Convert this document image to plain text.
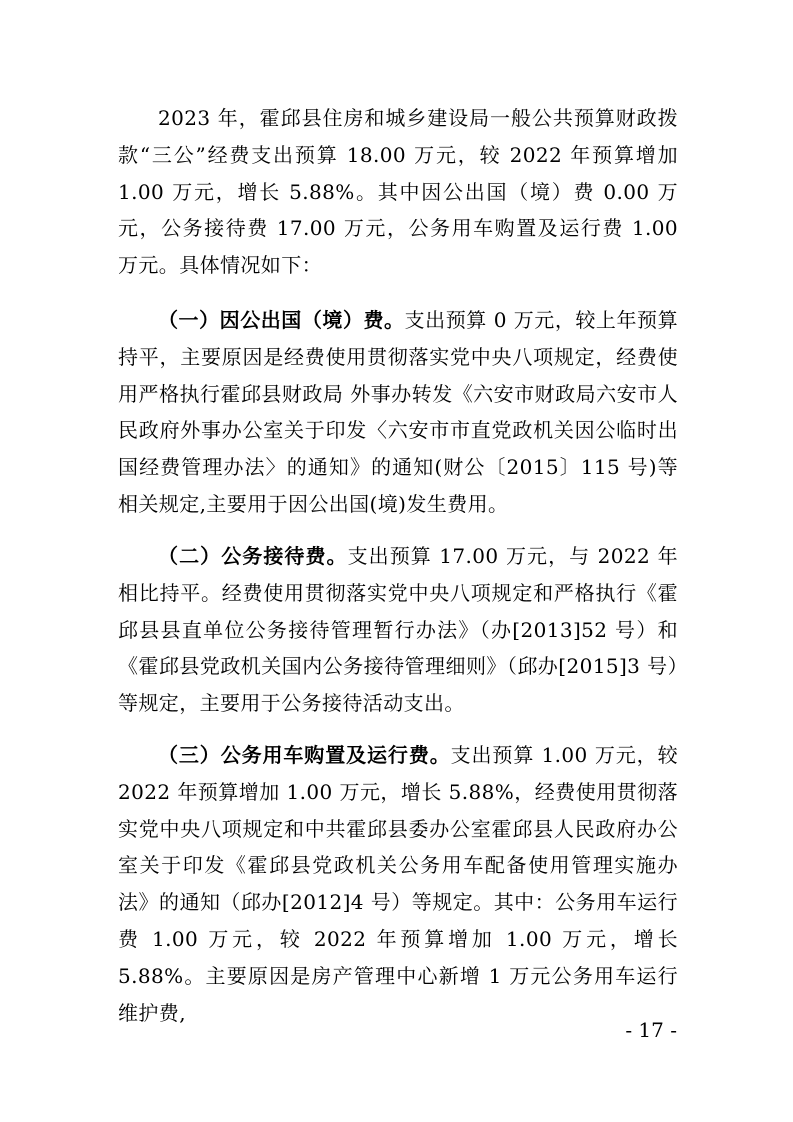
2023 年，霍邱县住房和城乡建设局一般公共预算财政拨款“三公”经费支出预算 18.00 万元，较 2022 年预算增加 1.00 万元，增长 5.88%。其中因公出国（境）费 0.00 万元，公务接待费 17.00 万元，公务用车购置及运行费 1.00 万元。具体情况如下：

（一）因公出国（境）费。支出预算 0 万元，较上年预算持平，主要原因是经费使用贯彻落实党中央八项规定，经费使用严格执行霍邱县财政局 外事办转发《六安市财政局六安市人民政府外事办公室关于印发〈六安市市直党政机关因公临时出国经费管理办法〉的通知》的通知(财公〔2015〕115 号)等相关规定,主要用于因公出国(境)发生费用。

（二）公务接待费。支出预算 17.00 万元，与 2022 年相比持平。经费使用贯彻落实党中央八项规定和严格执行《霍邱县县直单位公务接待管理暂行办法》（办[2013]52 号）和《霍邱县党政机关国内公务接待管理细则》（邱办[2015]3 号）等规定，主要用于公务接待活动支出。

（三）公务用车购置及运行费。支出预算 1.00 万元，较 2022 年预算增加 1.00 万元，增长 5.88%，经费使用贯彻落实党中央八项规定和中共霍邱县委办公室霍邱县人民政府办公室关于印发《霍邱县党政机关公务用车配备使用管理实施办法》的通知（邱办[2012]4 号）等规定。其中：公务用车运行费 1.00 万元，较 2022 年预算增加 1.00 万元，增长 5.88%。主要原因是房产管理中心新增 1 万元公务用车运行维护费,

- 17 -
